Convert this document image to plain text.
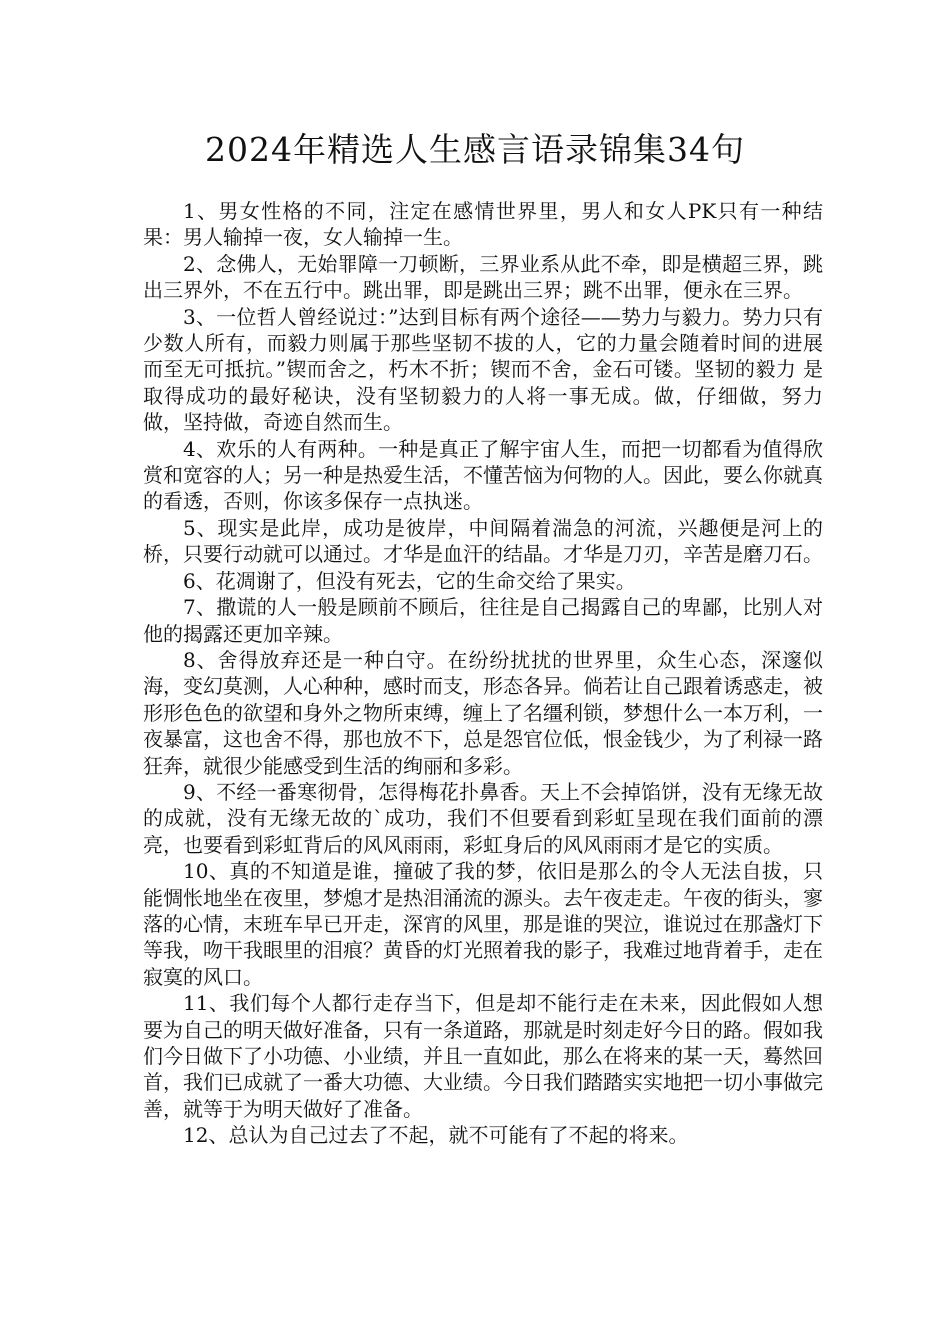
2024年精选人生感言语录锦集34句

1、男女性格的不同，注定在感情世界里，男人和女人PK只有一种结果：男人输掉一夜，女人输掉一生。

2、念佛人，无始罪障一刀顿断，三界业系从此不牵，即是横超三界，跳出三界外，不在五行中。跳出罪，即是跳出三界；跳不出罪，便永在三界。

3、一位哲人曾经说过：”达到目标有两个途径——势力与毅力。势力只有 少数人所有，而毅力则属于那些坚韧不拔的人，它的力量会随着时间的进展 而至无可抵抗。”锲而舍之，朽木不折；锲而不舍，金石可镂。坚韧的毅力 是取得成功的最好秘诀，没有坚韧毅力的人将一事无成。做，仔细做，努力 做，坚持做，奇迹自然而生。

4、欢乐的人有两种。一种是真正了解宇宙人生，而把一切都看为值得欣赏和宽容的人；另一种是热爱生活，不懂苦恼为何物的人。因此，要么你就真的看透，否则，你该多保存一点执迷。

5、现实是此岸，成功是彼岸，中间隔着湍急的河流，兴趣便是河上的桥，只要行动就可以通过。才华是血汗的结晶。才华是刀刃，辛苦是磨刀石。

6、花凋谢了，但没有死去，它的生命交给了果实。

7、撒谎的人一般是顾前不顾后，往往是自己揭露自己的卑鄙，比别人对他的揭露还更加辛辣。

8、舍得放弃还是一种白守。在纷纷扰扰的世界里，众生心态，深邃似海，变幻莫测，人心种种，感时而支，形态各异。倘若让自己跟着诱惑走，被形形色色的欲望和身外之物所束缚，缠上了名缰利锁，梦想什么一本万利，一夜暴富，这也舍不得，那也放不下，总是怨官位低，恨金钱少，为了利禄一路狂奔，就很少能感受到生活的绚丽和多彩。

9、不经一番寒彻骨，怎得梅花扑鼻香。天上不会掉馅饼，没有无缘无故的成就，没有无缘无故的`成功，我们不但要看到彩虹呈现在我们面前的漂亮，也要看到彩虹背后的风风雨雨，彩虹身后的风风雨雨才是它的实质。

10、真的不知道是谁，撞破了我的梦，依旧是那么的令人无法自拔，只能惆怅地坐在夜里，梦熄才是热泪涌流的源头。去午夜走走。午夜的街头，寥落的心情，末班车早已开走，深宵的风里，那是谁的哭泣，谁说过在那盏灯下等我，吻干我眼里的泪痕？黄昏的灯光照着我的影子，我难过地背着手，走在寂寞的风口。

11、我们每个人都行走存当下，但是却不能行走在未来，因此假如人想要为自己的明天做好准备，只有一条道路，那就是时刻走好今日的路。假如我们今日做下了小功德、小业绩，并且一直如此，那么在将来的某一天，蓦然回首，我们已成就了一番大功德、大业绩。今日我们踏踏实实地把一切小事做完善，就等于为明天做好了准备。

12、总认为自己过去了不起，就不可能有了不起的将来。
